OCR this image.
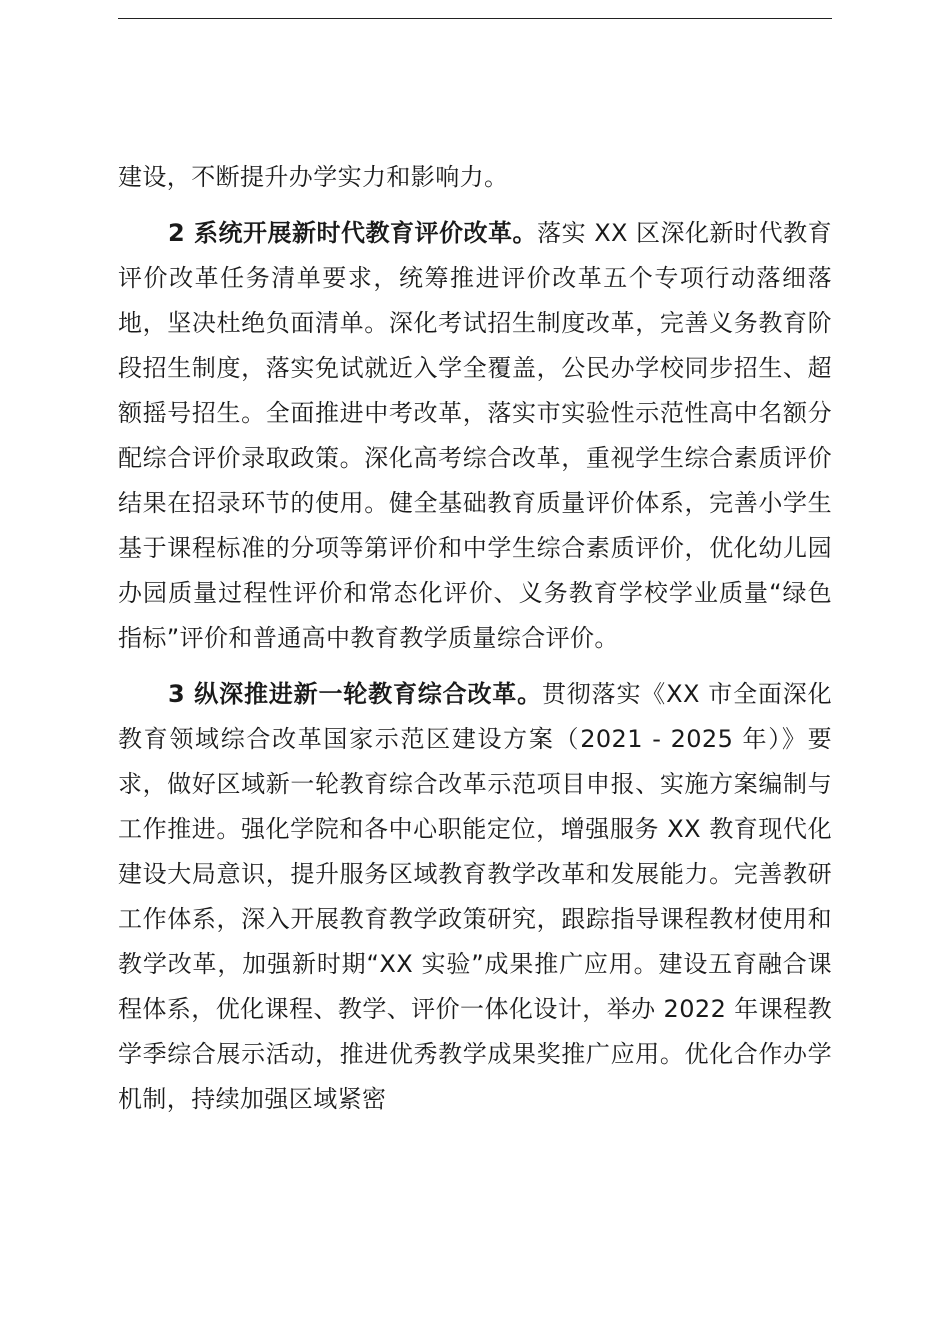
建设，不断提升办学实力和影响力。

2 系统开展新时代教育评价改革。落实 XX 区深化新时代教育评价改革任务清单要求，统筹推进评价改革五个专项行动落细落地，坚决杜绝负面清单。深化考试招生制度改革，完善义务教育阶段招生制度，落实免试就近入学全覆盖，公民办学校同步招生、超额摇号招生。全面推进中考改革，落实市实验性示范性高中名额分配综合评价录取政策。深化高考综合改革，重视学生综合素质评价结果在招录环节的使用。健全基础教育质量评价体系，完善小学生基于课程标准的分项等第评价和中学生综合素质评价，优化幼儿园办园质量过程性评价和常态化评价、义务教育学校学业质量“绿色指标”评价和普通高中教育教学质量综合评价。

3 纵深推进新一轮教育综合改革。贯彻落实《XX 市全面深化教育领域综合改革国家示范区建设方案（2021 - 2025 年）》要求，做好区域新一轮教育综合改革示范项目申报、实施方案编制与工作推进。强化学院和各中心职能定位，增强服务 XX 教育现代化建设大局意识，提升服务区域教育教学改革和发展能力。完善教研工作体系，深入开展教育教学政策研究，跟踪指导课程教材使用和教学改革，加强新时期“XX 实验”成果推广应用。建设五育融合课程体系，优化课程、教学、评价一体化设计，举办 2022 年课程教学季综合展示活动，推进优秀教学成果奖推广应用。优化合作办学机制，持续加强区域紧密
